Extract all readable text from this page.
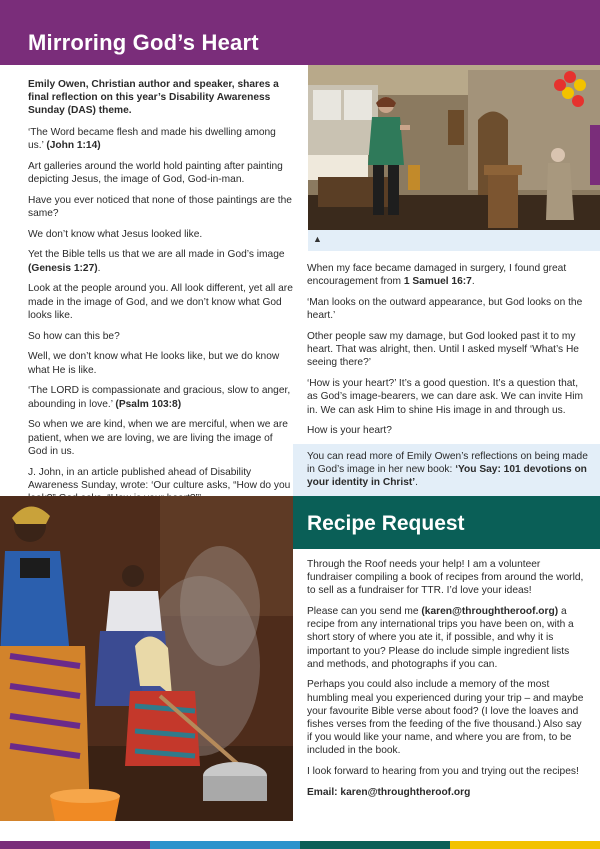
Mirroring God’s Heart

Emily Owen, Christian author and speaker, shares a final reflection on this year’s Disability Awareness Sunday (DAS) theme.

‘The Word became flesh and made his dwelling among us.’ (John 1:14)

Art galleries around the world hold painting after painting depicting Jesus, the image of God, God-in-man.

Have you ever noticed that none of those paintings are the same?

We don’t know what Jesus looked like.

Yet the Bible tells us that we are all made in God’s image (Genesis 1:27).

Look at the people around you. All look different, yet all are made in the image of God, and we don’t know what God looks like.

So how can this be?

Well, we don’t know what He looks like, but we do know what He is like.

‘The LORD is compassionate and gracious, slow to anger, abounding in love.’ (Psalm 103:8)

So when we are kind, when we are merciful, when we are patient, when we are loving, we are living the image of God in us.

J. John, in an article published ahead of Disability Awareness Sunday, wrote: ‘Our culture asks, “How do you

▲

When my face became damaged in surgery, I found great encouragement from 1 Samuel 16:7.

‘Man looks on the outward appearance, but God looks on the heart.’

Other people saw my damage, but God looked past it to my heart. That was alright, then. Until I asked myself ‘What’s He seeing there?’

‘How is your heart?’ It’s a good question. It’s a question that, as God’s image-bearers, we can dare ask. We can invite Him in. We can ask Him to shine His image in and through us.

How is your heart?

You can read more of Emily Owen’s reflections on being made in God’s image in her new book: ‘You Say: 101 devotions on your identity in Christ’.

Recipe Request

Through the Roof needs your help! I am a volunteer fundraiser compiling a book of recipes from around the world, to sell as a fundraiser for TTR. I’d love your ideas!

Please can you send me (karen@throughtheroof.org) a recipe from any international trips you have been on, with a short story of where you ate it, if possible, and why it is important to you? Please do include simple ingredient lists and methods, and photographs if you can.

Perhaps you could also include a memory of the most humbling meal you experienced during your trip – and maybe your favourite Bible verse about food? (I love the loaves and fishes verses from the feeding of the five thousand.) Also say if you would like your name, and where you are from, to be included in the book.

I look forward to hearing from you and trying out the recipes!

Email: karen@throughtheroof.org
